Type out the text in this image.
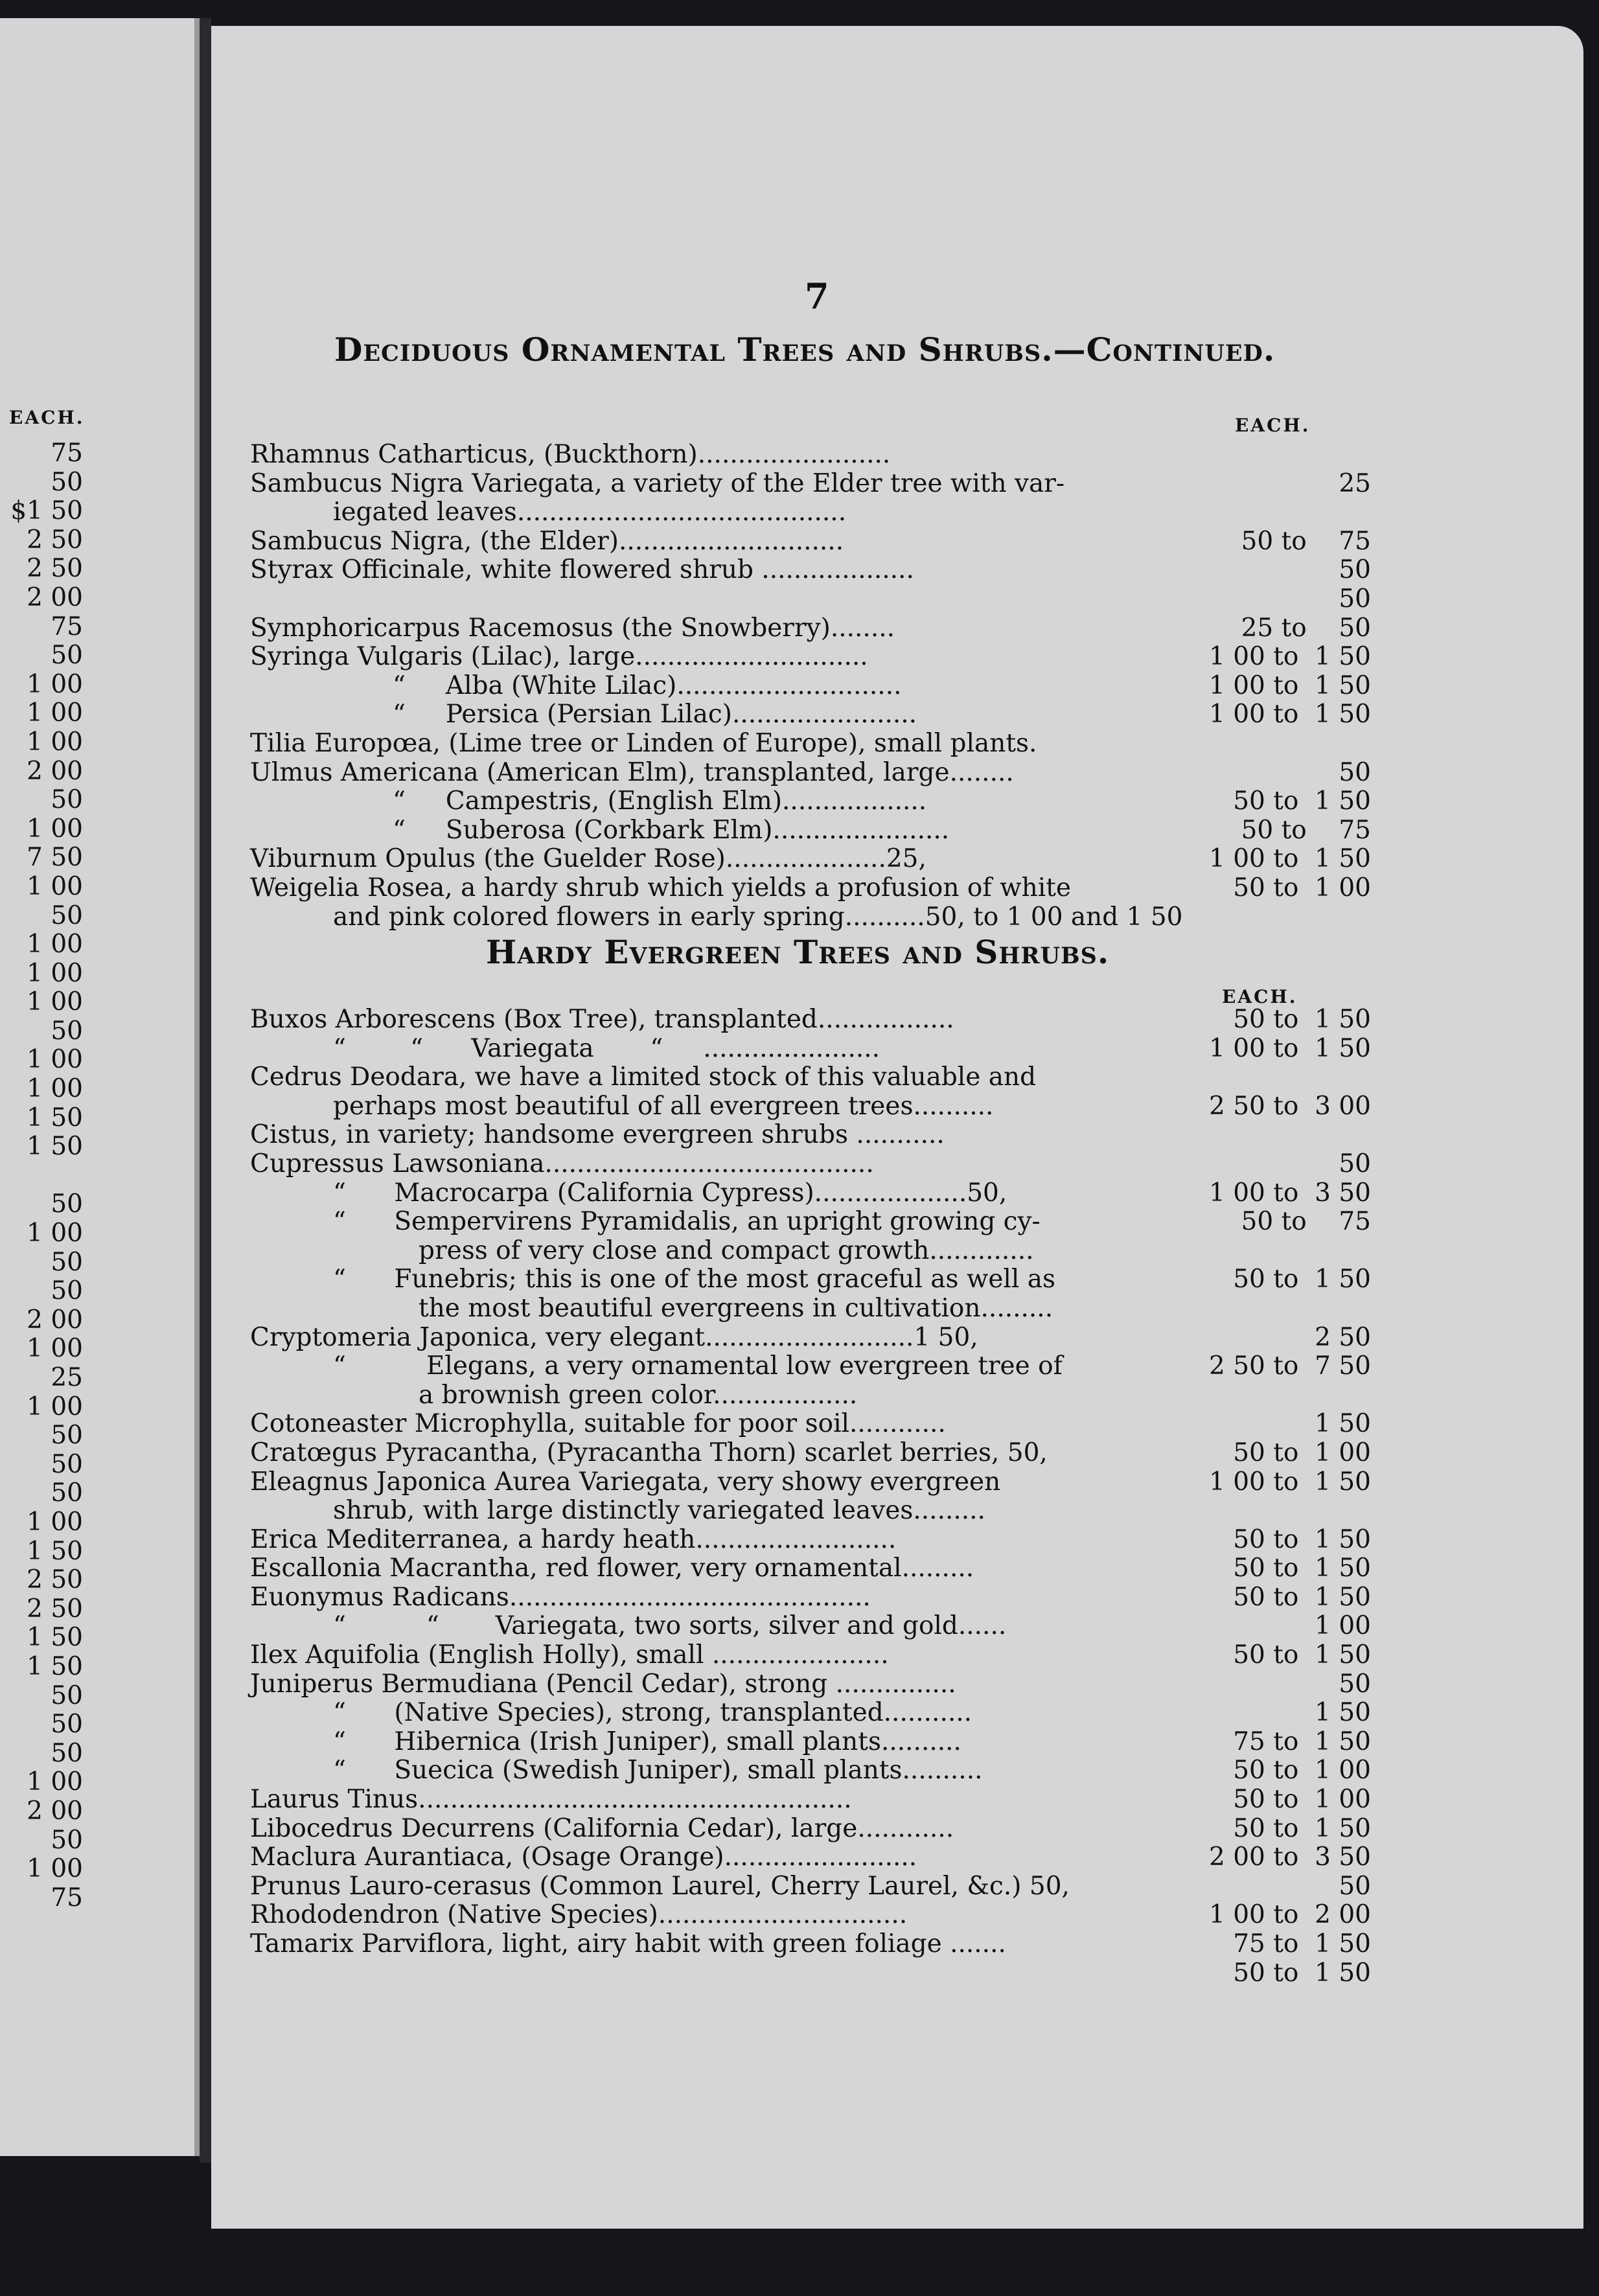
EACH.
75
50
$1 50
2 50
2 50
2 00
75
50
1 00
1 00
1 00
2 00
50
1 00
7 50
1 00
50
1 00
1 00
1 00
50
1 00
1 00
1 50
1 50
50
1 00
50
50
2 00
1 00
25
1 00
50
50
50
1 00
1 50
2 50
2 50
1 50
1 50
50
50
50
1 00
2 00
50
1 00
75
7
Deciduous Ornamental Trees and Shrubs.—Continued.
EACH.
Rhamnus Catharticus, (Buckthorn)........................
Sambucus Nigra Variegata, a variety of the Elder tree with var-	25
iegated leaves.........................................
Sambucus Nigra, (the Elder)............................	50 to    75
Styrax Officinale, white flowered shrub ...................	50
50
Symphoricarpus Racemosus (the Snowberry)........	25 to    50
Syringa Vulgaris (Lilac), large.............................	1 00 to  1 50
“     Alba (White Lilac)............................	1 00 to  1 50
“     Persica (Persian Lilac).......................	1 00 to  1 50
Tilia Europœa, (Lime tree or Linden of Europe), small plants.
Ulmus Americana (American Elm), transplanted, large........	50
“     Campestris, (English Elm)..................	50 to  1 50
“     Suberosa (Corkbark Elm)......................	50 to    75
Viburnum Opulus (the Guelder Rose)....................25,	1 00 to  1 50
Weigelia Rosea, a hardy shrub which yields a profusion of white	50 to  1 00
and pink colored flowers in early spring..........50, to 1 00 and 1 50
Hardy Evergreen Trees and Shrubs.
EACH.
Buxos Arborescens (Box Tree), transplanted.................	50 to  1 50
“        “      Variegata       “     ......................	1 00 to  1 50
Cedrus Deodara, we have a limited stock of this valuable and
perhaps most beautiful of all evergreen trees..........	2 50 to  3 00
Cistus, in variety; handsome evergreen shrubs ...........
Cupressus Lawsoniana.........................................	50
“      Macrocarpa (California Cypress)...................50,	1 00 to  3 50
“      Sempervirens Pyramidalis, an upright growing cy-	50 to    75
press of very close and compact growth.............
“      Funebris; this is one of the most graceful as well as	50 to  1 50
the most beautiful evergreens in cultivation.........
Cryptomeria Japonica, very elegant..........................1 50,	2 50
“          Elegans, a very ornamental low evergreen tree of	2 50 to  7 50
a brownish green color..................
Cotoneaster Microphylla, suitable for poor soil............	1 50
Cratœgus Pyracantha, (Pyracantha Thorn) scarlet berries, 50,	50 to  1 00
Eleagnus Japonica Aurea Variegata, very showy evergreen	1 00 to  1 50
shrub, with large distinctly variegated leaves.........
Erica Mediterranea, a hardy heath.........................	50 to  1 50
Escallonia Macrantha, red flower, very ornamental.........	50 to  1 50
Euonymus Radicans.............................................	50 to  1 50
“          “       Variegata, two sorts, silver and gold......	1 00
Ilex Aquifolia (English Holly), small ......................	50 to  1 50
Juniperus Bermudiana (Pencil Cedar), strong ...............	50
“      (Native Species), strong, transplanted...........	1 50
“      Hibernica (Irish Juniper), small plants..........	75 to  1 50
“      Suecica (Swedish Juniper), small plants..........	50 to  1 00
Laurus Tinus......................................................	50 to  1 00
Libocedrus Decurrens (California Cedar), large............	50 to  1 50
Maclura Aurantiaca, (Osage Orange)........................	2 00 to  3 50
Prunus Lauro-cerasus (Common Laurel, Cherry Laurel, &c.) 50,	50
Rhododendron (Native Species)...............................	1 00 to  2 00
Tamarix Parviflora, light, airy habit with green foliage .......	75 to  1 50
50 to  1 50
